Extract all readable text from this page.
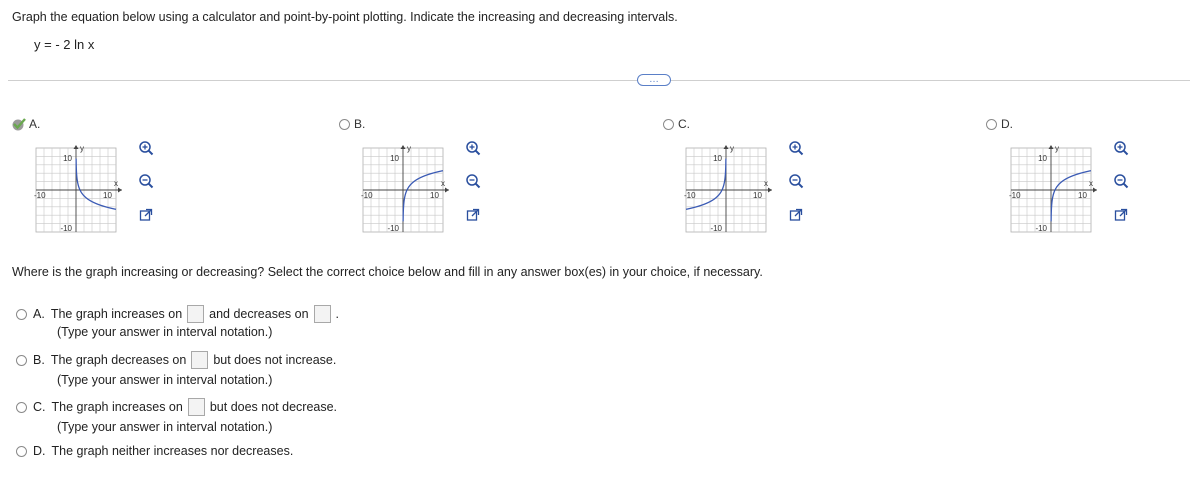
Graph the equation below using a calculator and point-by-point plotting. Indicate the increasing and decreasing intervals.
y = - 2 ln x
…
A.	B.	C.	D.
10
-10
-10	10
x
y
10
-10
-10	10
x
y
10
-10
-10	10
x
y
10
-10
-10	10
x
y
Where is the graph increasing or decreasing? Select the correct choice below and fill in any answer box(es) in your choice, if necessary.
A. The graph increases on and decreases on .
(Type your answer in interval notation.)
B. The graph decreases on but does not increase.
(Type your answer in interval notation.)
C. The graph increases on but does not decrease.
(Type your answer in interval notation.)
D. The graph neither increases nor decreases.
